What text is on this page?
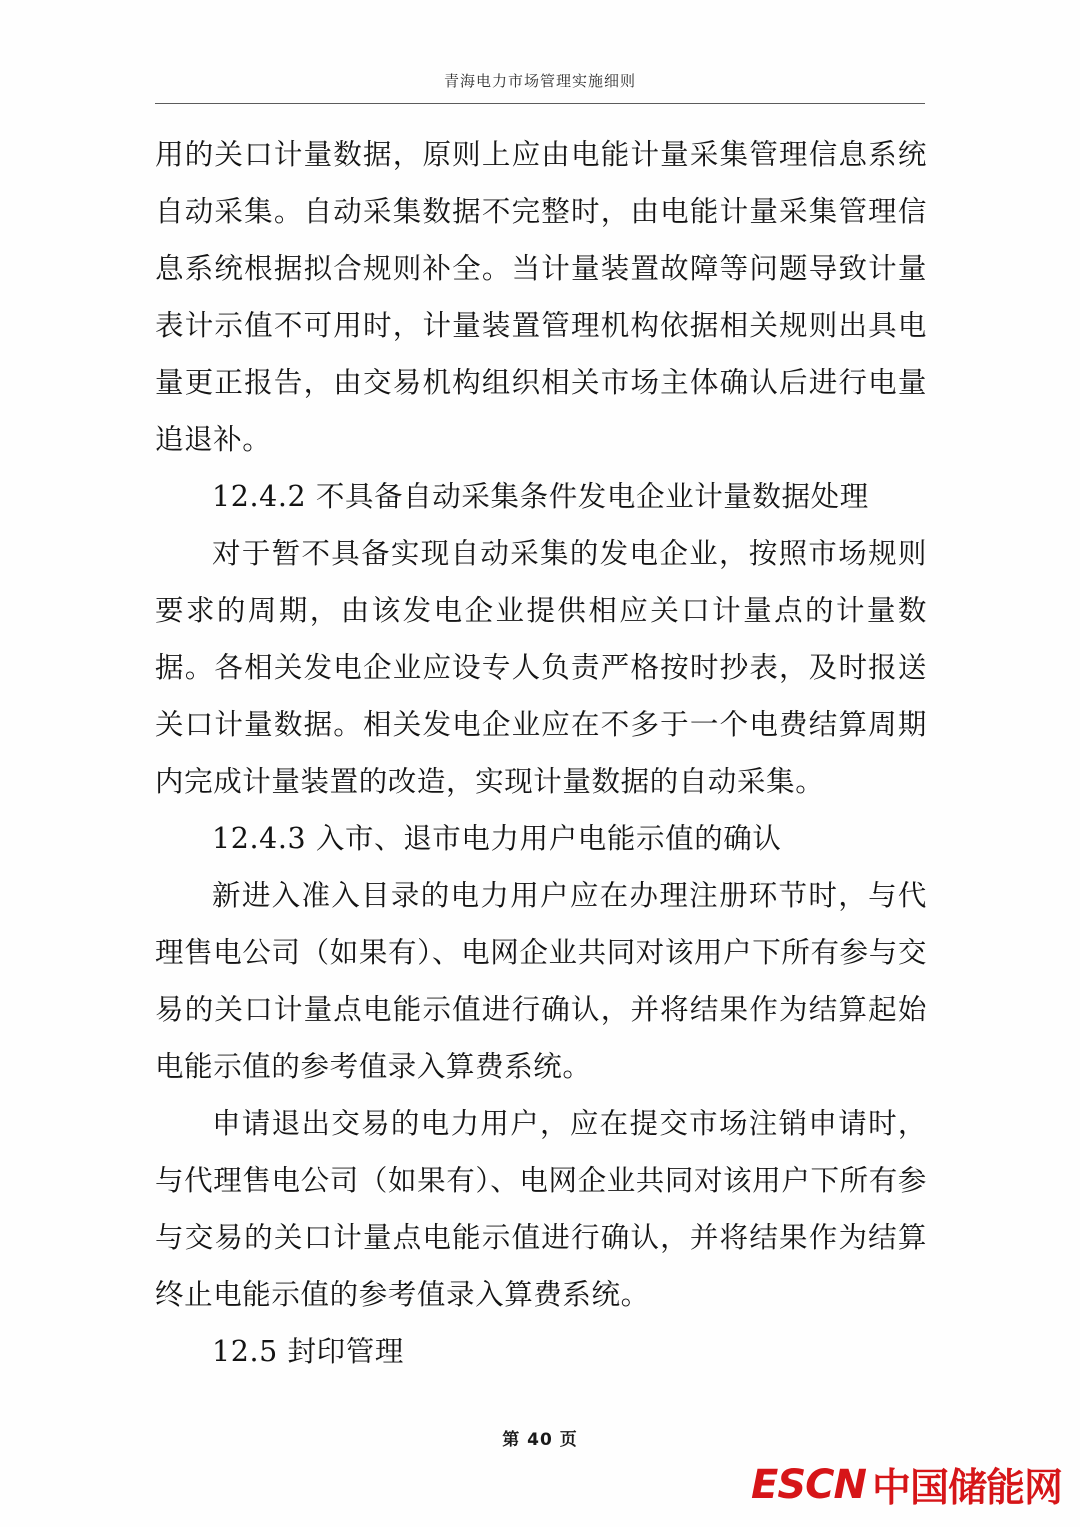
青海电力市场管理实施细则

用的关口计量数据，原则上应由电能计量采集管理信息系统自动采集。自动采集数据不完整时，由电能计量采集管理信息系统根据拟合规则补全。当计量装置故障等问题导致计量表计示值不可用时，计量装置管理机构依据相关规则出具电量更正报告，由交易机构组织相关市场主体确认后进行电量追退补。

12.4.2 不具备自动采集条件发电企业计量数据处理

对于暂不具备实现自动采集的发电企业，按照市场规则要求的周期，由该发电企业提供相应关口计量点的计量数据。各相关发电企业应设专人负责严格按时抄表，及时报送关口计量数据。相关发电企业应在不多于一个电费结算周期内完成计量装置的改造，实现计量数据的自动采集。

12.4.3 入市、退市电力用户电能示值的确认

新进入准入目录的电力用户应在办理注册环节时，与代理售电公司（如果有）、电网企业共同对该用户下所有参与交易的关口计量点电能示值进行确认，并将结果作为结算起始电能示值的参考值录入算费系统。

申请退出交易的电力用户，应在提交市场注销申请时，与代理售电公司（如果有）、电网企业共同对该用户下所有参与交易的关口计量点电能示值进行确认，并将结果作为结算终止电能示值的参考值录入算费系统。

12.5 封印管理

第 40 页
ESCN 中国储能网
